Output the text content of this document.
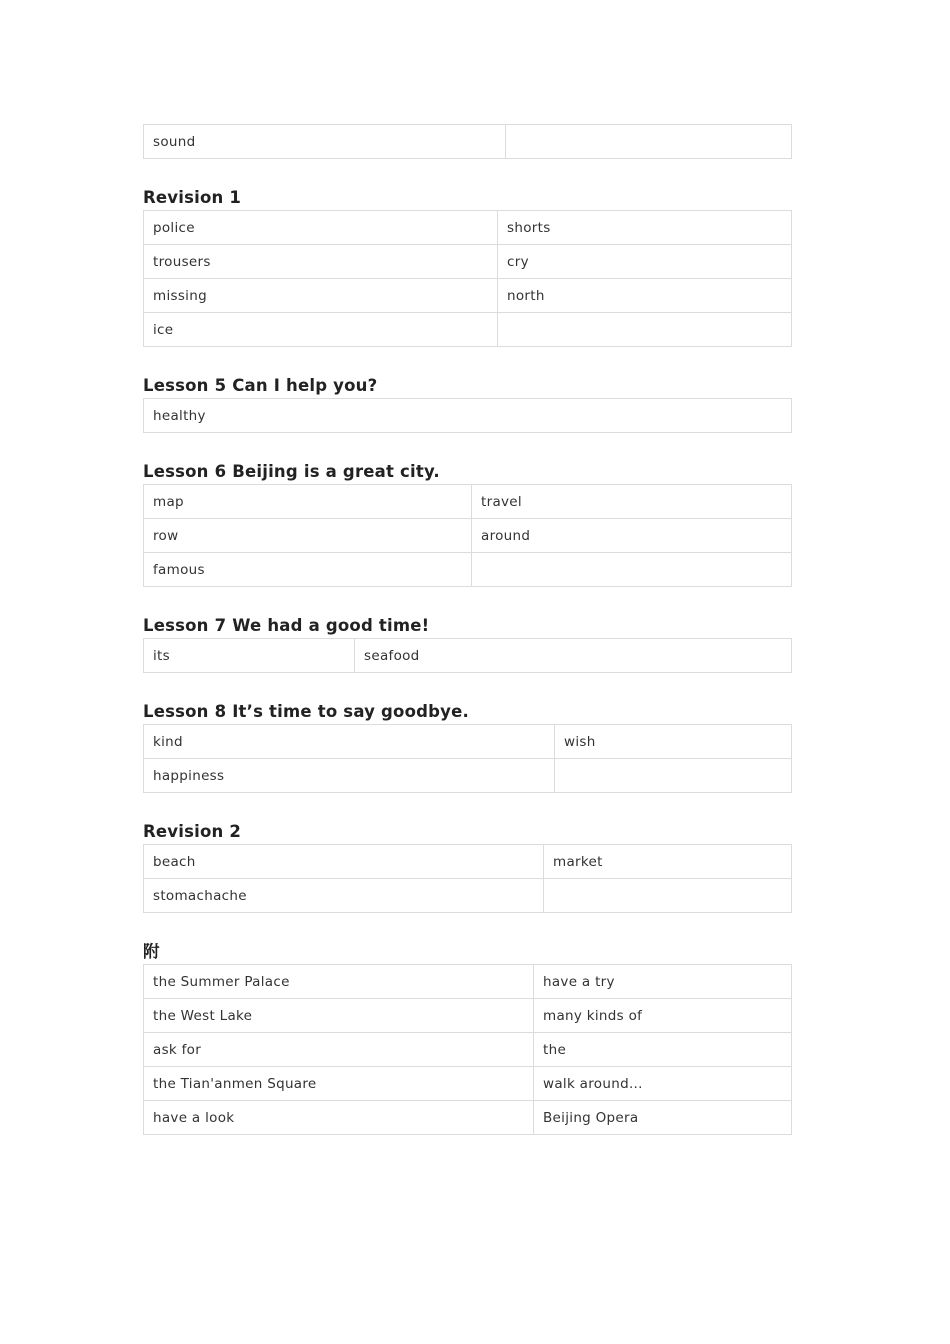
sound	
Revision 1
police	shorts
trousers	cry
missing	north
ice	
Lesson 5 Can I help you?
healthy
Lesson 6 Beijing is a great city.
map	travel
row	around
famous	
Lesson 7 We had a good time!
its	seafood
Lesson 8 It’s time to say goodbye.
kind	wish
happiness	
Revision 2
beach	market
stomachache	
附
the Summer Palace	have a try
the West Lake	many kinds of
ask for	the
the Tian'anmen Square	walk around...
have a look	Beijing Opera
